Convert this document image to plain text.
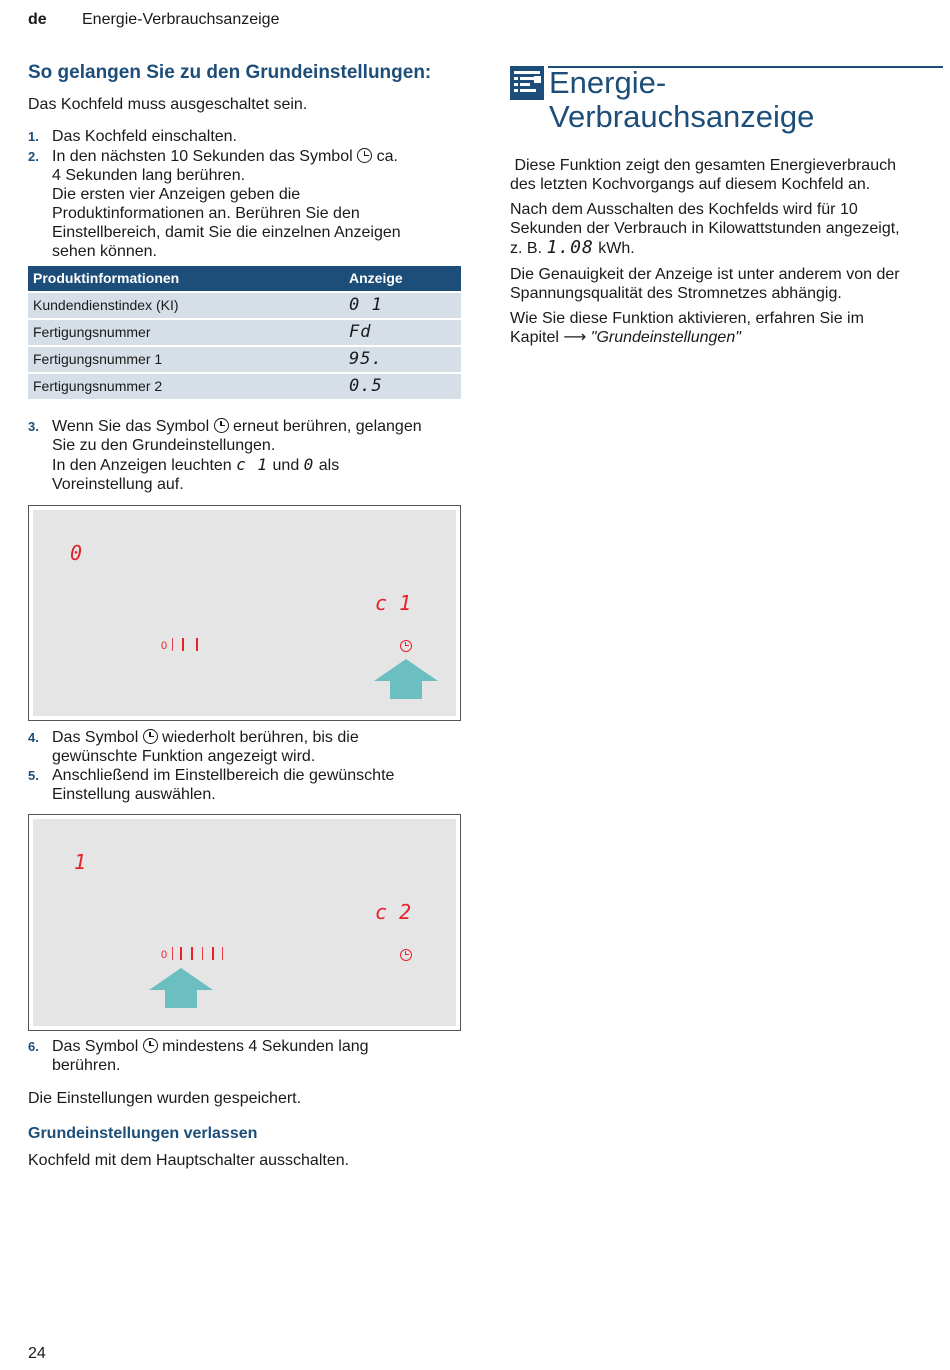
de Energie-Verbrauchsanzeige
So gelangen Sie zu den Grundeinstellungen:
Das Kochfeld muss ausgeschaltet sein.
1. Das Kochfeld einschalten.
2. In den nächsten 10 Sekunden das Symbol ca.
4 Sekunden lang berühren.
Die ersten vier Anzeigen geben die
Produktinformationen an. Berühren Sie den
Einstellbereich, damit Sie die einzelnen Anzeigen
sehen können.
Produktinformationen	Anzeige
Kundendienstindex (KI)	0 1
Fertigungsnummer	Fd
Fertigungsnummer 1	95.
Fertigungsnummer 2	0.5
3. Wenn Sie das Symbol erneut berühren, gelangen
Sie zu den Grundeinstellungen.
In den Anzeigen leuchten c 1 und 0 als
Voreinstellung auf.
0
c 1
0
4. Das Symbol wiederholt berühren, bis die
gewünschte Funktion angezeigt wird.
5. Anschließend im Einstellbereich die gewünschte
Einstellung auswählen.
1
c 2
0
6. Das Symbol mindestens 4 Sekunden lang
berühren.
Die Einstellungen wurden gespeichert.
Grundeinstellungen verlassen
Kochfeld mit dem Hauptschalter ausschalten.
Energie-
Verbrauchsanzeige
Diese Funktion zeigt den gesamten Energieverbrauch
des letzten Kochvorgangs auf diesem Kochfeld an.
Nach dem Ausschalten des Kochfelds wird für 10
Sekunden der Verbrauch in Kilowattstunden angezeigt,
z. B. 1.08 kWh.
Die Genauigkeit der Anzeige ist unter anderem von der
Spannungsqualität des Stromnetzes abhängig.
Wie Sie diese Funktion aktivieren, erfahren Sie im
Kapitel ⟶ "Grundeinstellungen"
24
